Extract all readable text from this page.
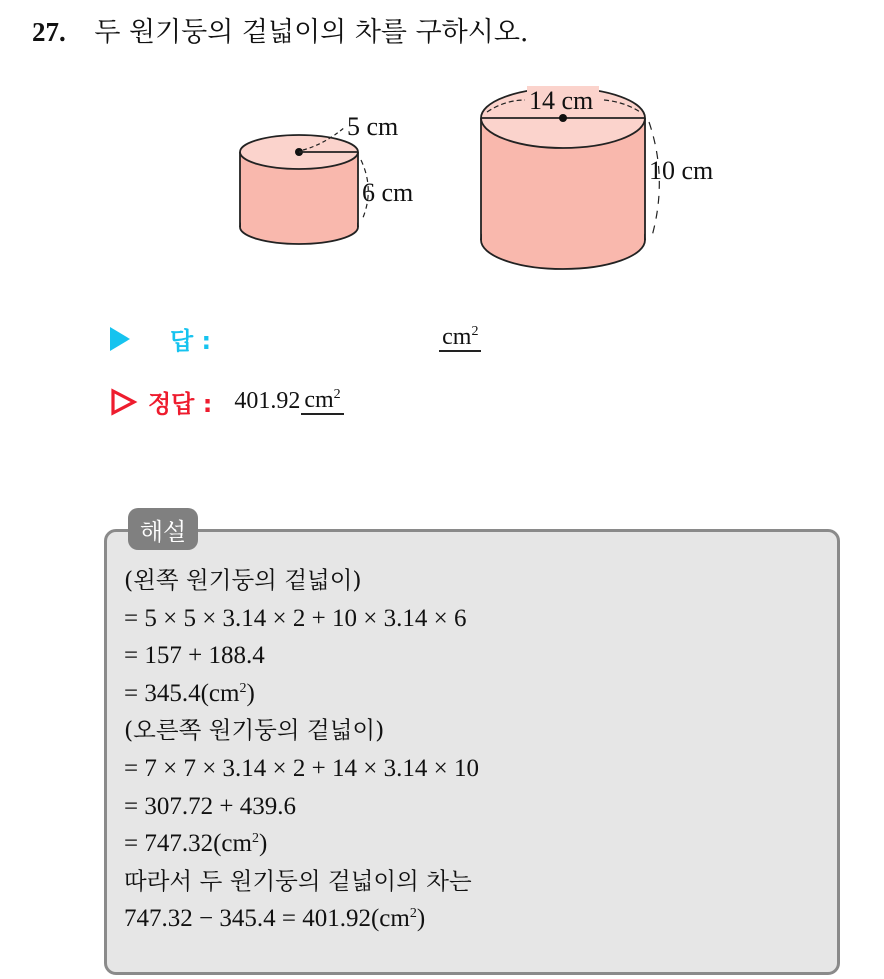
27. 두 원기둥의 겉넓이의 차를 구하시오.
5 cm
6 cm
14 cm
10 cm
답 :	$cm^2$
정답 : 401.92 $cm^2$
해설
(왼쪽 원기둥의 겉넓이)
= 5 × 5 × 3.14 × 2 + 10 × 3.14 × 6
= 157 + 188.4
= $345.4(cm^2)$
(오른쪽 원기둥의 겉넓이)
= 7 × 7 × 3.14 × 2 + 14 × 3.14 × 10
= 307.72 + 439.6
= $747.32(cm^2)$
따라서 두 원기둥의 겉넓이의 차는
$747.32 - 345.4 = 401.92(cm^2)$
